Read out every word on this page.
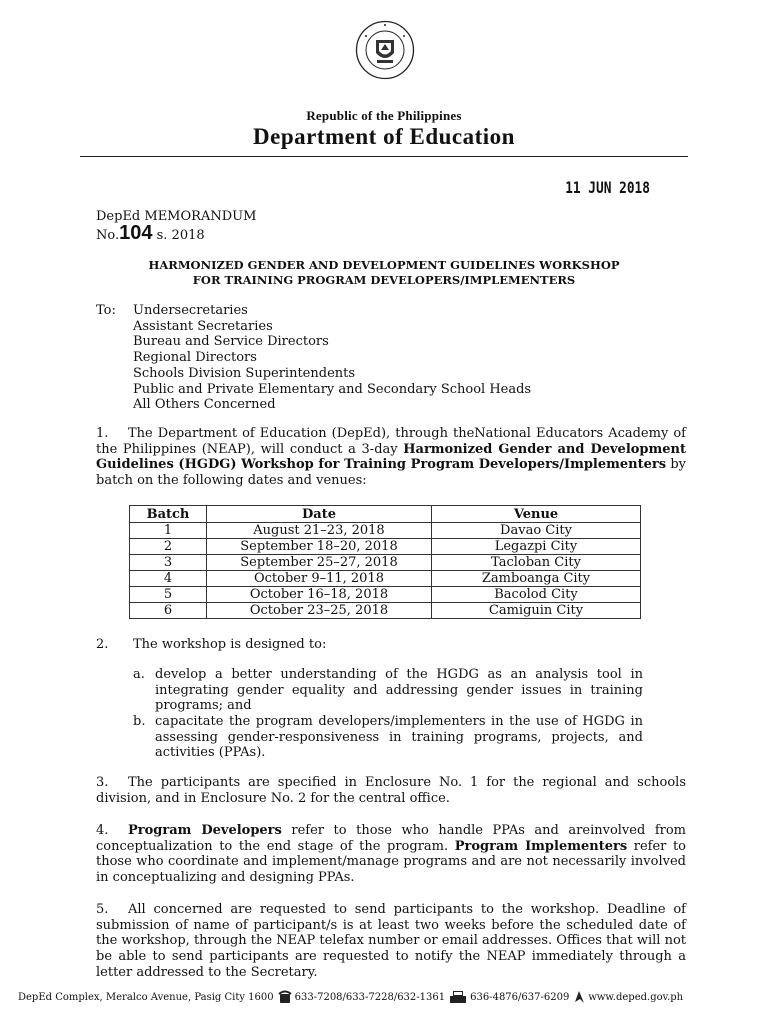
Republic of the Philippines
Department of Education
11 JUN 2018
DepEd MEMORANDUM
No.104 s. 2018
HARMONIZED GENDER AND DEVELOPMENT GUIDELINES WORKSHOP
FOR TRAINING PROGRAM DEVELOPERS/IMPLEMENTERS
To: Undersecretaries
Assistant Secretaries
Bureau and Service Directors
Regional Directors
Schools Division Superintendents
Public and Private Elementary and Secondary School Heads
All Others Concerned

1. The Department of Education (DepEd), through theNational Educators Academy of the Philippines (NEAP), will conduct a 3-day Harmonized Gender and Development Guidelines (HGDG) Workshop for Training Program Developers/Implementers by batch on the following dates and venues:

Batch	Date	Venue
1	August 21–23, 2018	Davao City
2	September 18–20, 2018	Legazpi City
3	September 25–27, 2018	Tacloban City
4	October 9–11, 2018	Zamboanga City
5	October 16–18, 2018	Bacolod City
6	October 23–25, 2018	Camiguin City
2. The workshop is designed to:
a. develop a better understanding of the HGDG as an analysis tool in integrating gender equality and addressing gender issues in training programs; and
b. capacitate the program developers/implementers in the use of HGDG in assessing gender-responsiveness in training programs, projects, and activities (PPAs).

3. The participants are specified in Enclosure No. 1 for the regional and schools division, and in Enclosure No. 2 for the central office.

4. Program Developers refer to those who handle PPAs and areinvolved from conceptualization to the end stage of the program. Program Implementers refer to those who coordinate and implement/manage programs and are not necessarily involved in conceptualizing and designing PPAs.

5. All concerned are requested to send participants to the workshop. Deadline of submission of name of participant/s is at least two weeks before the scheduled date of the workshop, through the NEAP telefax number or email addresses. Offices that will not be able to send participants are requested to notify the NEAP immediately through a letter addressed to the Secretary.

DepEd Complex, Meralco Avenue, Pasig City 1600 633-7208/633-7228/632-1361	636-4876/637-6209 www.deped.gov.ph
